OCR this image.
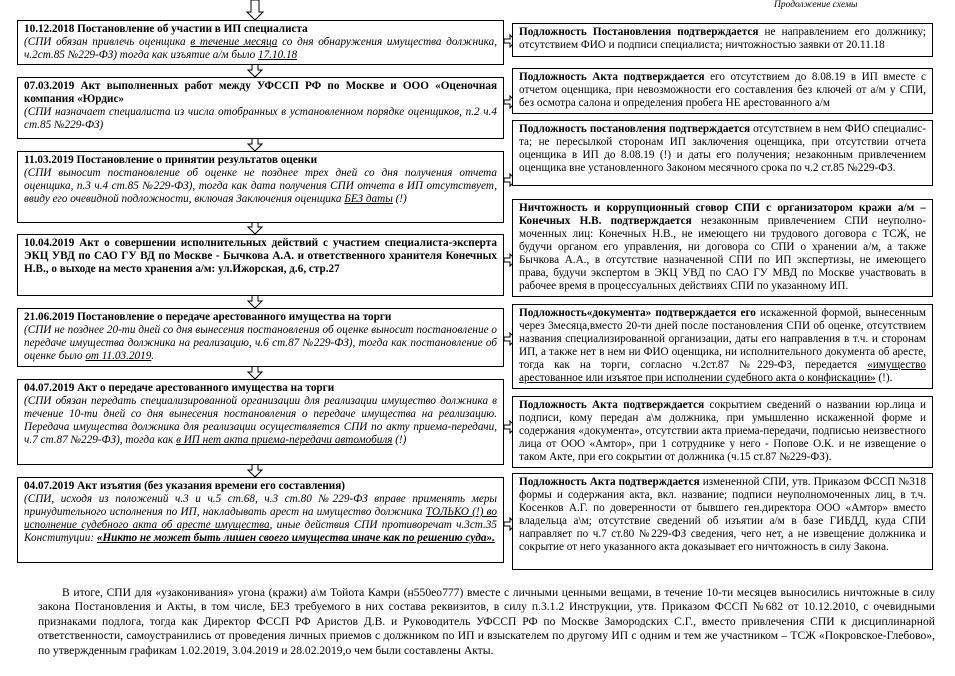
Продолжение схемы
10.12.2018 Постановление об участии в ИП специалиста
(СПИ обязан привлечь оценщика в течение месяца со дня обнаружения имущества должника, ч.2ст.85 №229-ФЗ) тогда как изъятие а/м было 17.10.18
07.03.2019 Акт выполненных работ между УФССП РФ по Москве и ООО «Оценочная компания «Юрдис»
(СПИ назначает специалиста из числа отобранных в установленном порядке оценщиков, п.2 ч.4 ст.85 №229-ФЗ)
11.03.2019 Постановление о принятии результатов оценки
(СПИ выносит постановление об оценке не позднее трех дней со дня получения отчета оценщика, п.3 ч.4 ст.85 №229-ФЗ), тогда как дата получения СПИ отчета в ИП отсутствует, ввиду его очевидной подложности, включая Заключения оценщика БЕЗ даты (!)
10.04.2019 Акт о совершении исполнительных действий с участием специалиста-эксперта ЭКЦ УВД по САО ГУ ВД по Москве - Бычкова А.А. и ответственного хранителя Конечных Н.В., о выходе на место хранения а/м: ул.Ижорская, д.6, стр.27
21.06.2019 Постановление о передаче арестованного имущества на торги
(СПИ не позднее 20-ти дней со дня вынесения постановления об оценке выносит постановление о передаче имущества должника на реализацию, ч.6 ст.87 №229-ФЗ), тогда как постановление об оценке было от 11.03.2019.
04.07.2019 Акт о передаче арестованного имущества на торги
(СПИ обязан передать специализированной организации для реализации имущество должника в течение 10-ти дней со дня вынесения постановления о передаче имущества на реализацию. Передача имущества должника для реализации осуществляется СПИ по акту приема-передачи, ч.7 ст.87 №229-ФЗ), тогда как в ИП нет акта приема-передачи автомобиля (!)
04.07.2019 Акт изъятия (без указания времени его составления)
(СПИ, исходя из положений ч.3 и ч.5 ст.68, ч.3 ст.80 №229-ФЗ вправе применять меры принудительного исполнения по ИП, накладывать арест на имущество должника ТОЛЬКО (!) во исполнение судебного акта об аресте имущества, иные действия СПИ противоречат ч.3ст.35 Конституции: «Никто не может быть лишен своего имущества иначе как по решению суда».
Подложность Постановления подтверждается не направлением его должнику; отсутствием ФИО и подписи специалиста; ничтожностью заявки от 20.11.18
Подложность Акта подтверждается его отсутствием до 8.08.19 в ИП вместе с отчетом оценщика, при невозможности его составления без ключей от а/м у СПИ, без осмотра салона и определения пробега НЕ арестованного а/м
Подложность постановления подтверждается отсутствием в нем ФИО специалис-та; не пересылкой сторонам ИП заключения оценщика, при отсутствии отчета оценщика в ИП до 8.08.19 (!) и даты его получения; незаконным привлечением оценщика вне установленного Законом месячного срока по ч.2 ст.85 №229-ФЗ.
Ничтожность и коррупционный сговор СПИ с организатором кражи а/м – Конечных Н.В. подтверждается незаконным привлечением СПИ неуполно-моченных лиц: Конечных Н.В., не имеющего ни трудового договора с ТСЖ, не будучи органом его управления, ни договора со СПИ о хранении а/м, а также Бычкова А.А., в отсутствие назначенной СПИ по ИП экспертизы, не имеющего права, будучи экспертом в ЭКЦ УВД по САО ГУ МВД по Москве участвовать в рабочее время в процессуальных действиях СПИ по указанному ИП.
Подложность«документа» подтверждается его искаженной формой, вынесенным через 3месяца,вместо 20-ти дней после постановления СПИ об оценке, отсутствием названия специализированной организации, даты его направления в т.ч. и сторонам ИП, а также нет в нем ни ФИО оценщика, ни исполнительного документа об аресте, тогда как на торги, согласно ч.2ст.87 №229-ФЗ, передается «имущество арестованное или изъятое при исполнении судебного акта о конфискации» (!).
Подложность Акта подтверждается сокрытием сведений о названии юр.лица и подписи, кому передан а\м должника, при умышленно искаженной форме и содержания «документа», отсутствии акта приема-передачи, подписью неизвестного лица от ООО «Амтор», при 1 сотруднике у него - Попове О.К. и не извещение о таком Акте, при его сокрытии от должника (ч.15 ст.87 №229-ФЗ).
Подложность Акта подтверждается измененной СПИ, утв. Приказом ФССП №318 формы и содержания акта, вкл. название; подписи неуполномоченных лиц, в т.ч. Косенков А.Г. по доверенности от бывшего ген.директора ООО «Амтор» вместо владельца а\м; отсутствие сведений об изъятии а/м в базе ГИБДД, куда СПИ направляет по ч.7 ст.80 №229-ФЗ сведения, чего нет, а не извещение должника и сокрытие от него указанного акта доказывает его ничтожность в силу Закона.
В итоге, СПИ для «узаконивания» угона (кражи) а\м Тойота Камри (н550ео777) вместе с личными ценными вещами, в течение 10-ти месяцев выносились ничтожные в силу закона Постановления и Акты, в том числе, БЕЗ требуемого в них состава реквизитов, в силу п.3.1.2 Инструкции, утв. Приказом ФССП №682 от 10.12.2010, с очевидными признаками подлога, тогда как Директор ФССП РФ Аристов Д.В. и Руководитель УФССП РФ по Москве Замородских С.Г., вместо привлечения СПИ к дисциплинарной ответственности, самоустранились от проведения личных приемов с должником по ИП и взыскателем по другому ИП с одним и тем же участником – ТСЖ «Покровское-Глебово», по утвержденным графикам 1.02.2019, 3.04.2019 и 28.02.2019,о чем были составлены Акты.
